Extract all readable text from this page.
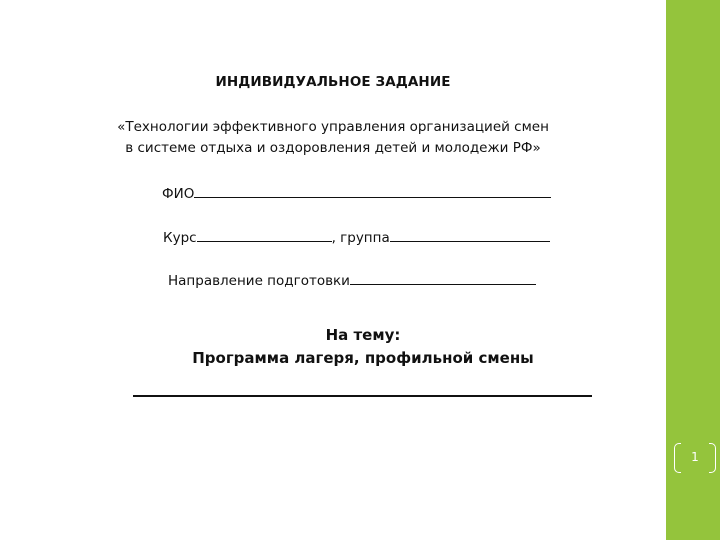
ИНДИВИДУАЛЬНОЕ ЗАДАНИЕ
«Технологии эффективного управления организацией смен
в системе отдыха и оздоровления детей и молодежи РФ»
ФИО
Курс	, группа
Направление подготовки
На тему:
Программа лагеря, профильной смены
1
